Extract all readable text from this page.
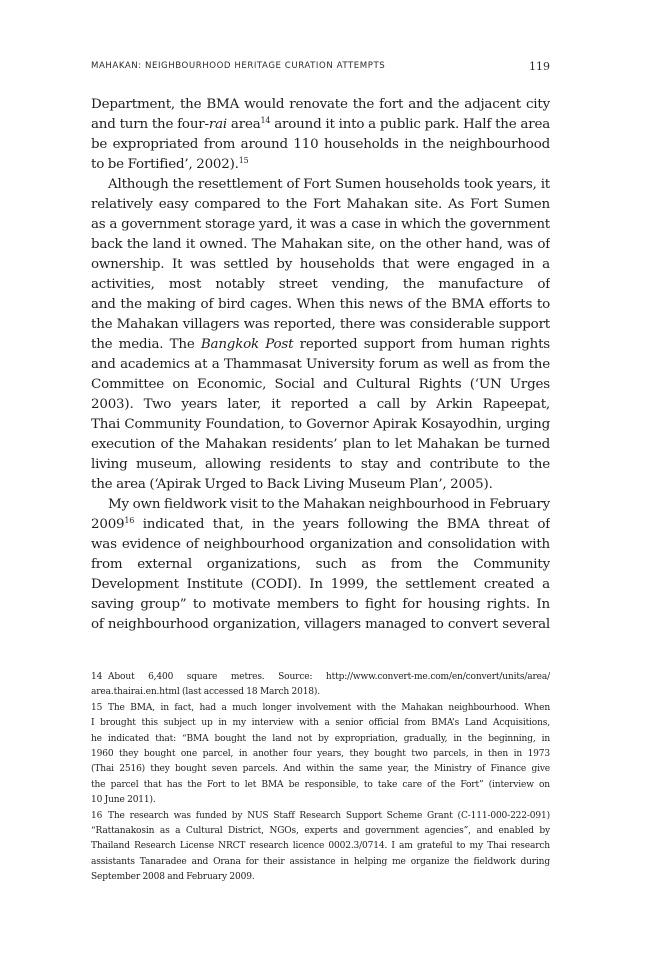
MAHAKAN: NEIGHBOURHOOD HERITAGE CURATION ATTEMPTS	119
Department, the BMA would renovate the fort and the adjacent city
and turn the four-rai area$^{14}$ around it into a public park. Half the area
be expropriated from around 110 households in the neighbourhood
to be Fortified’, 2002).$^{15}$
Although the resettlement of Fort Sumen households took years, it
relatively easy compared to the Fort Mahakan site. As Fort Sumen
as a government storage yard, it was a case in which the government
back the land it owned. The Mahakan site, on the other hand, was of
ownership. It was settled by households that were engaged in a
activities, most notably street vending, the manufacture of
and the making of bird cages. When this news of the BMA efforts to
the Mahakan villagers was reported, there was considerable support
the media. The Bangkok Post reported support from human rights
and academics at a Thammasat University forum as well as from the
Committee on Economic, Social and Cultural Rights (‘UN Urges
2003). Two years later, it reported a call by Arkin Rapeepat,
Thai Community Foundation, to Governor Apirak Kosayodhin, urging
execution of the Mahakan residents’ plan to let Mahakan be turned
living museum, allowing residents to stay and contribute to the
the area (‘Apirak Urged to Back Living Museum Plan’, 2005).
My own fieldwork visit to the Mahakan neighbourhood in February
2009$^{16}$ indicated that, in the years following the BMA threat of
was evidence of neighbourhood organization and consolidation with
from external organizations, such as from the Community
Development Institute (CODI). In 1999, the settlement created a
saving group” to motivate members to fight for housing rights. In
of neighbourhood organization, villagers managed to convert several
14 About 6,400 square metres. Source: http://www.convert-me.com/en/convert/units/area/
area.thairai.en.html (last accessed 18 March 2018).
15 The BMA, in fact, had a much longer involvement with the Mahakan neighbourhood. When
I brought this subject up in my interview with a senior official from BMA’s Land Acquisitions,
he indicated that: “BMA bought the land not by expropriation, gradually, in the beginning, in
1960 they bought one parcel, in another four years, they bought two parcels, in then in 1973
(Thai 2516) they bought seven parcels. And within the same year, the Ministry of Finance give
the parcel that has the Fort to let BMA be responsible, to take care of the Fort” (interview on
10 June 2011).
16 The research was funded by NUS Staff Research Support Scheme Grant (C-111-000-222-091)
“Rattanakosin as a Cultural District, NGOs, experts and government agencies”, and enabled by
Thailand Research License NRCT research licence 0002.3/0714. I am grateful to my Thai research
assistants Tanaradee and Orana for their assistance in helping me organize the fieldwork during
September 2008 and February 2009.
